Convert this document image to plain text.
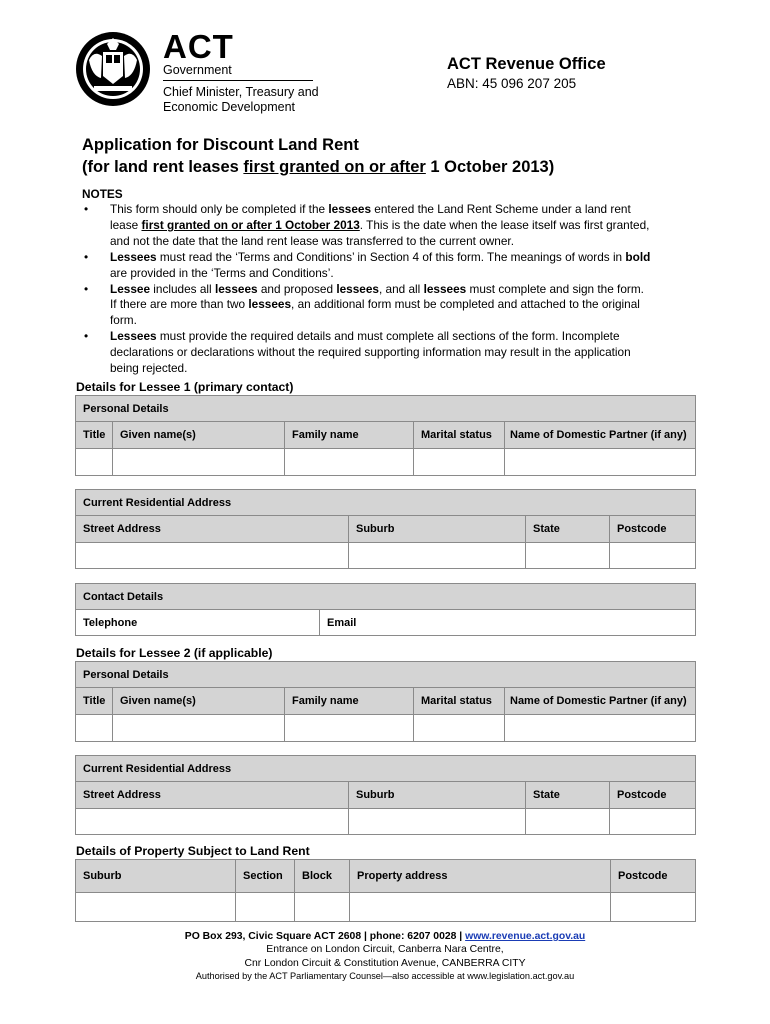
ACT
Government
Chief Minister, Treasury and
Economic Development
ACT Revenue Office
ABN: 45 096 207 205
Application for Discount Land Rent
(for land rent leases first granted on or after 1 October 2013)
NOTES
• This form should only be completed if the lessees entered the Land Rent Scheme under a land rent lease first granted on or after 1 October 2013. This is the date when the lease itself was first granted, and not the date that the land rent lease was transferred to the current owner.
• Lessees must read the ‘Terms and Conditions’ in Section 4 of this form. The meanings of words in bold are provided in the ‘Terms and Conditions’.
• Lessee includes all lessees and proposed lessees, and all lessees must complete and sign the form. If there are more than two lessees, an additional form must be completed and attached to the original form.
• Lessees must provide the required details and must complete all sections of the form. Incomplete declarations or declarations without the required supporting information may result in the application being rejected.
Details for Lessee 1 (primary contact)
Personal Details				
Title	Given name(s)	Family name	Marital status	Name of Domestic Partner (if any)

Current Residential Address			
Street Address	Suburb	State	Postcode

Contact Details
Telephone	Email
Details for Lessee 2 (if applicable)
Personal Details				
Title	Given name(s)	Family name	Marital status	Name of Domestic Partner (if any)

Current Residential Address			
Street Address	Suburb	State	Postcode

Details of Property Subject to Land Rent
Suburb	Section	Block	Property address	Postcode

PO Box 293, Civic Square ACT 2608 | phone: 6207 0028 | www.revenue.act.gov.au
Entrance on London Circuit, Canberra Nara Centre,
Cnr London Circuit & Constitution Avenue, CANBERRA CITY
Authorised by the ACT Parliamentary Counsel—also accessible at www.legislation.act.gov.au
